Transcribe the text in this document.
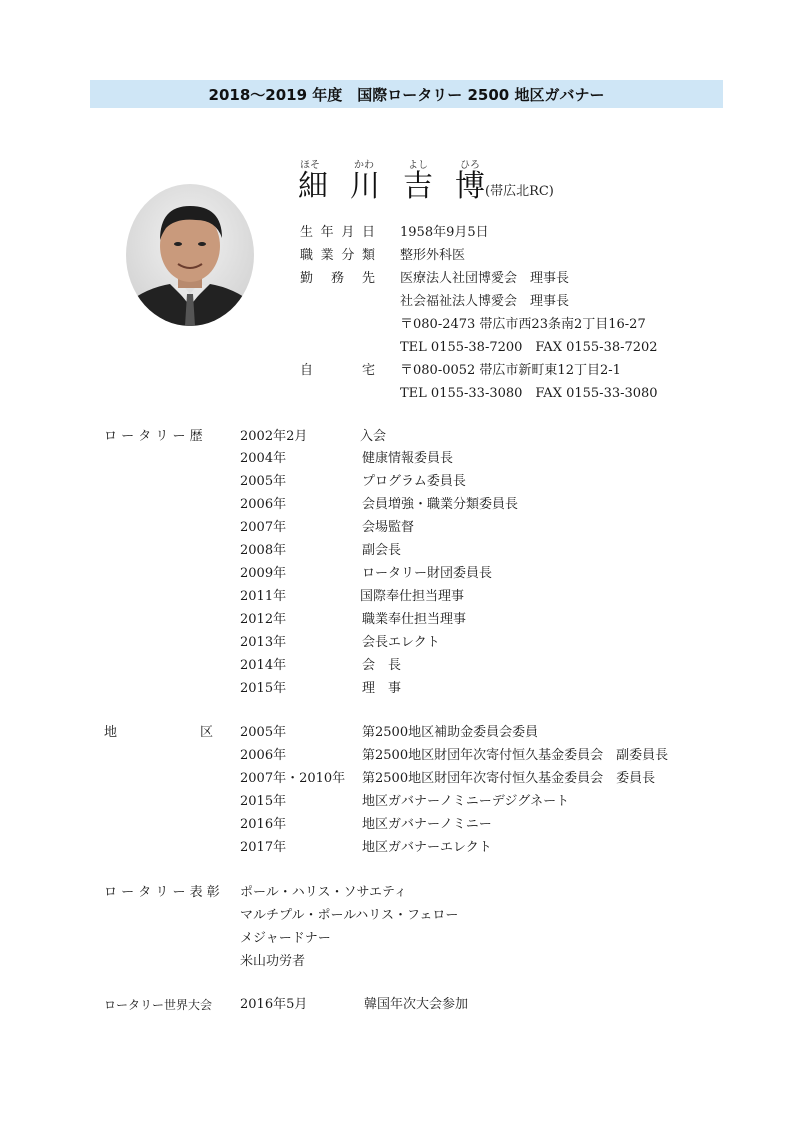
2018～2019 年度　国際ロータリー 2500 地区ガバナー
ほそ	かわ	よし	ひろ
細 川 吉 博 (帯広北RC)
生 年 月 日 1958年9月5日
職 業 分 類 整形外科医
勤 務 先 医療法人社団博愛会　理事長
社会福祉法人博愛会　理事長
〒080-2473 帯広市西23条南2丁目16-27
TEL 0155-38-7200　FAX 0155-38-7202
自	宅 〒080-0052 帯広市新町東12丁目2-1
TEL 0155-33-3080　FAX 0155-33-3080
ロ ー タ リ ー 歴	2002年2月	入会
2004年	健康情報委員長
2005年	プログラム委員長
2006年	会員増強・職業分類委員長
2007年	会場監督
2008年	副会長
2009年	ロータリー財団委員長
2011年	国際奉仕担当理事
2012年	職業奉仕担当理事
2013年	会長エレクト
2014年	会　長
2015年	理　事
地	区 2005年	第2500地区補助金委員会委員
2006年	第2500地区財団年次寄付恒久基金委員会　副委員長
2007年・2010年 第2500地区財団年次寄付恒久基金委員会　委員長
2015年	地区ガバナーノミニーデジグネート
2016年	地区ガバナーノミニー
2017年	地区ガバナーエレクト
ロ ー タ リ ー 表 彰 ポール・ハリス・ソサエティ
マルチプル・ポールハリス・フェロー
メジャードナー
米山功労者
ロータリー世界大会 2016年5月	韓国年次大会参加
